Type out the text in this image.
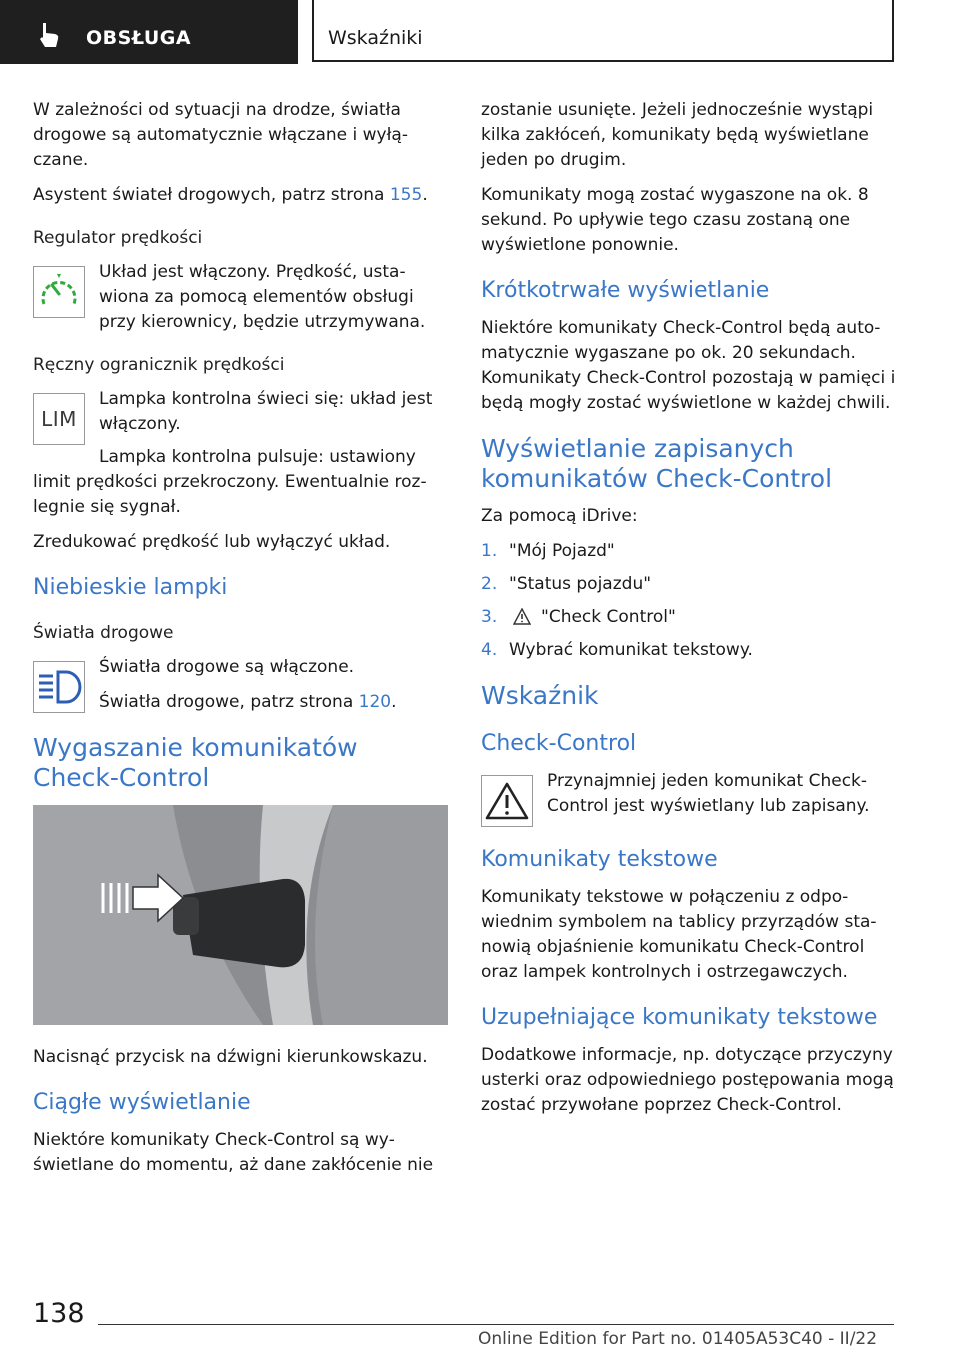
OBSŁUGA	Wskaźniki

W zależności od sytuacji na drodze, światła drogowe są automatycznie włączane i wyłączane.

Asystent świateł drogowych, patrz strona 155.

Regulator prędkości

Układ jest włączony. Prędkość, ustawiona za pomocą elementów obsługi przy kierownicy, będzie utrzymywana.

Ręczny ogranicznik prędkości
LIM

Lampka kontrolna świeci się: układ jest włączony.

Lampka kontrolna pulsuje: ustawiony limit prędkości przekroczony. Ewentualnie rozlegnie się sygnał.

Zredukować prędkość lub wyłączyć układ.

Niebieskie lampki
Światła drogowe

Światła drogowe są włączone.

Światła drogowe, patrz strona 120.

Wygaszanie komunikatów Check-Control

Nacisnąć przycisk na dźwigni kierunkowskazu.

Ciągłe wyświetlanie

Niektóre komunikaty Check-Control są wyświetlane do momentu, aż dane zakłócenie nie

zostanie usunięte. Jeżeli jednocześnie wystąpi kilka zakłóceń, komunikaty będą wyświetlane jeden po drugim.

Komunikaty mogą zostać wygaszone na ok. 8 sekund. Po upływie tego czasu zostaną one wyświetlone ponownie.

Krótkotrwałe wyświetlanie

Niektóre komunikaty Check-Control będą automatycznie wygaszane po ok. 20 sekundach. Komunikaty Check-Control pozostają w pamięci i będą mogły zostać wyświetlone w każdej chwili.

Wyświetlanie zapisanych komunikatów Check-Control

Za pomocą iDrive:

1. "Mój Pojazd"
2. "Status pojazdu"
3.	"Check Control"
4. Wybrać komunikat tekstowy.
Wskaźnik
Check-Control

Przynajmniej jeden komunikat Check-Control jest wyświetlany lub zapisany.

Komunikaty tekstowe

Komunikaty tekstowe w połączeniu z odpowiednim symbolem na tablicy przyrządów stanowią objaśnienie komunikatu Check-Control oraz lampek kontrolnych i ostrzegawczych.

Uzupełniające komunikaty tekstowe

Dodatkowe informacje, np. dotyczące przyczyny usterki oraz odpowiedniego postępowania mogą zostać przywołane poprzez Check-Control.

138
Online Edition for Part no. 01405A53C40 - II/22
